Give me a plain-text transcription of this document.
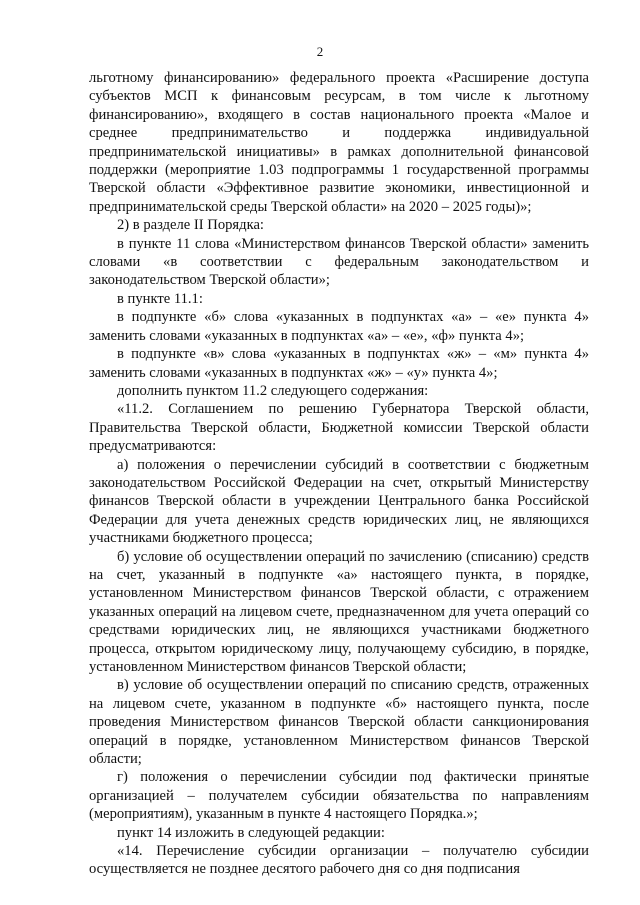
2

льготному финансированию» федерального проекта «Расширение доступа субъектов МСП к финансовым ресурсам, в том числе к льготному финансированию», входящего в состав национального проекта «Малое и среднее предпринимательство и поддержка индивидуальной предпринимательской инициативы» в рамках дополнительной финансовой поддержки (мероприятие 1.03 подпрограммы 1 государственной программы Тверской области «Эффективное развитие экономики, инвестиционной и предпринимательской среды Тверской области» на 2020 – 2025 годы)»;

2) в разделе II Порядка:

в пункте 11 слова «Министерством финансов Тверской области» заменить словами «в соответствии с федеральным законодательством и законодательством Тверской области»;

в пункте 11.1:

в подпункте «б» слова «указанных в подпунктах «а» – «е» пункта 4» заменить словами «указанных в подпунктах «а» – «е», «ф» пункта 4»;

в подпункте «в» слова «указанных в подпунктах «ж» – «м» пункта 4» заменить словами «указанных в подпунктах «ж» – «у» пункта 4»;

дополнить пунктом 11.2 следующего содержания:

«11.2. Соглашением по решению Губернатора Тверской области, Правительства Тверской области, Бюджетной комиссии Тверской области предусматриваются:

а) положения о перечислении субсидий в соответствии с бюджетным законодательством Российской Федерации на счет, открытый Министерству финансов Тверской области в учреждении Центрального банка Российской Федерации для учета денежных средств юридических лиц, не являющихся участниками бюджетного процесса;

б) условие об осуществлении операций по зачислению (списанию) средств на счет, указанный в подпункте «а» настоящего пункта, в порядке, установленном Министерством финансов Тверской области, с отражением указанных операций на лицевом счете, предназначенном для учета операций со средствами юридических лиц, не являющихся участниками бюджетного процесса, открытом юридическому лицу, получающему субсидию, в порядке, установленном Министерством финансов Тверской области;

в) условие об осуществлении операций по списанию средств, отраженных на лицевом счете, указанном в подпункте «б» настоящего пункта, после проведения Министерством финансов Тверской области санкционирования операций в порядке, установленном Министерством финансов Тверской области;

г) положения о перечислении субсидии под фактически принятые организацией – получателем субсидии обязательства по направлениям (мероприятиям), указанным в пункте 4 настоящего Порядка.»;

пункт 14 изложить в следующей редакции:

«14. Перечисление субсидии организации – получателю субсидии осуществляется не позднее десятого рабочего дня со дня подписания
